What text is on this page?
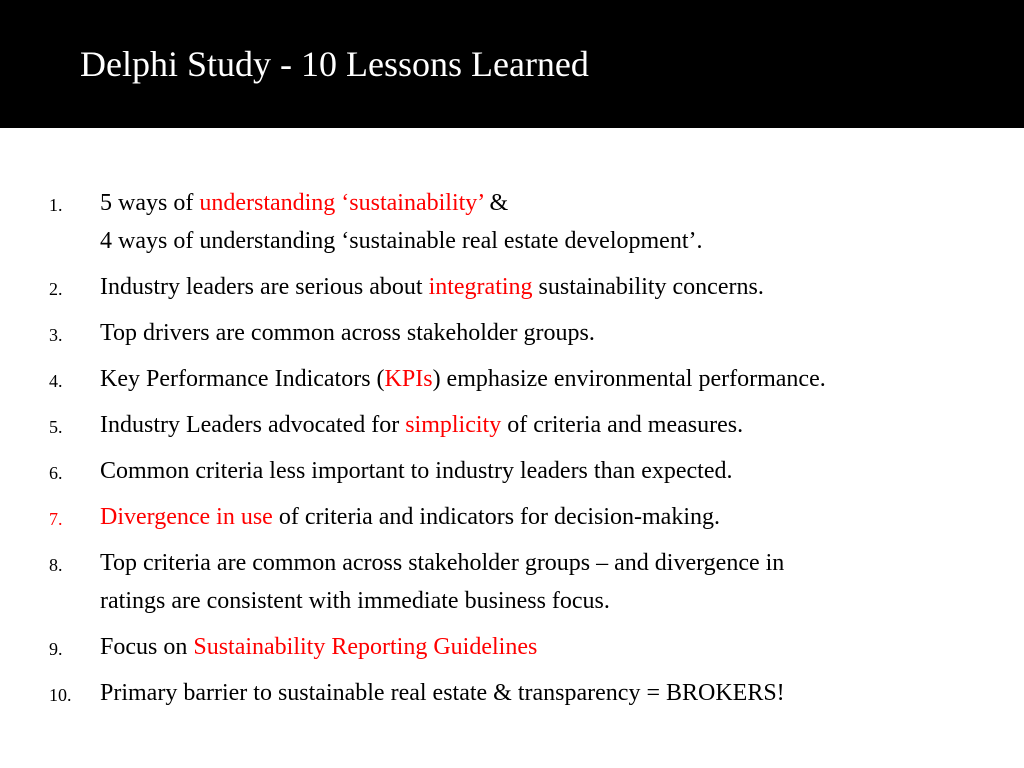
Delphi Study - 10 Lessons Learned
1. 5 ways of understanding ‘sustainability’ &
4 ways of understanding ‘sustainable real estate development’.
2. Industry leaders are serious about integrating sustainability concerns.
3. Top drivers are common across stakeholder groups.
4. Key Performance Indicators (KPIs) emphasize environmental performance.
5. Industry Leaders advocated for simplicity of criteria and measures.
6. Common criteria less important to industry leaders than expected.
7. Divergence in use of criteria and indicators for decision-making.
8. Top criteria are common across stakeholder groups – and divergence in
ratings are consistent with immediate business focus.
9. Focus on Sustainability Reporting Guidelines
10. Primary barrier to sustainable real estate & transparency = BROKERS!
